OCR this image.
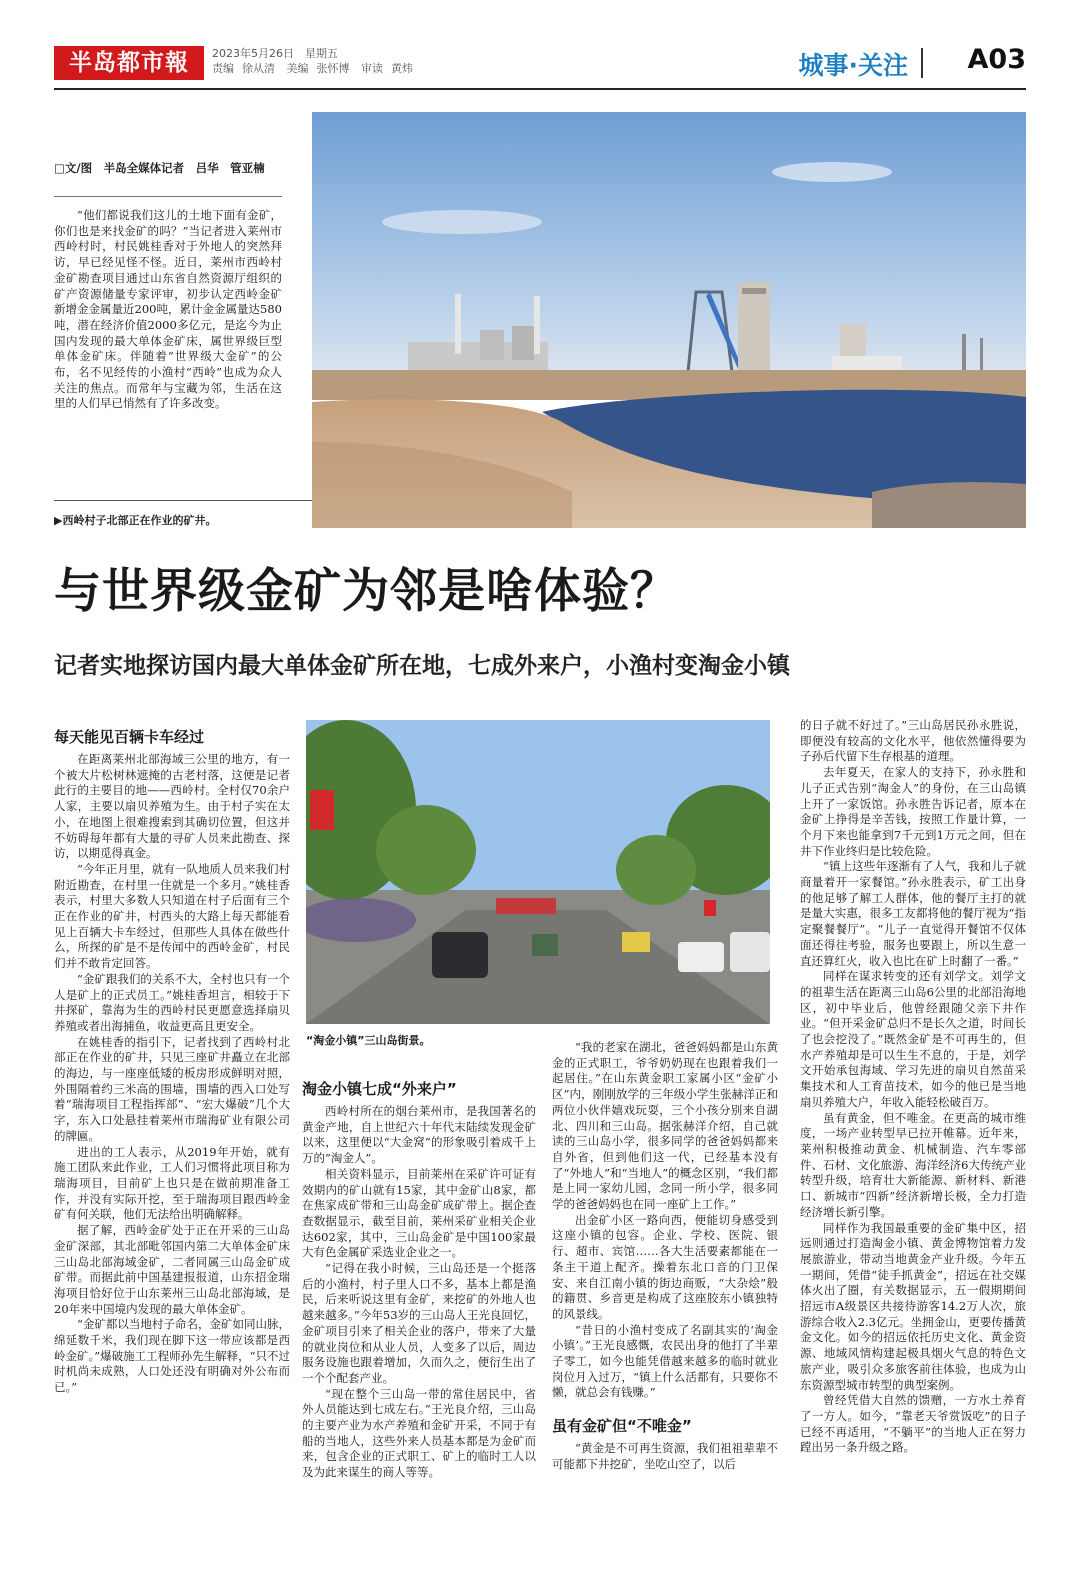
半岛都市報	2023年5月26日　 星期五
责编 徐从清 美编 张怀博 审读 黄炜	城事·关注 A03
□文/图　半岛全媒体记者　吕华　管亚楠
“他们都说我们这儿的土地下面有金矿，你们也是来找金矿的吗？”当记者进入莱州市西岭村时，村民姚桂香对于外地人的突然拜访，早已经见怪不怪。近日，莱州市西岭村金矿勘查项目通过山东省自然资源厅组织的矿产资源储量专家评审，初步认定西岭金矿新增金金属量近200吨，累计金金属量达580吨，潜在经济价值2000多亿元，是迄今为止国内发现的最大单体金矿床，属世界级巨型单体金矿床。伴随着“世界级大金矿”的公布，名不见经传的小渔村“西岭”也成为众人关注的焦点。而常年与宝藏为邻，生活在这里的人们早已悄然有了许多改变。
▶西岭村子北部正在作业的矿井。
与世界级金矿为邻是啥体验？
记者实地探访国内最大单体金矿所在地，七成外来户，小渔村变淘金小镇
每天能见百辆卡车经过

在距离莱州北部海域三公里的地方，有一个被大片松树林遮掩的古老村落，这便是记者此行的主要目的地——西岭村。全村仅70余户人家，主要以扇贝养殖为生。由于村子实在太小，在地图上很难搜索到其确切位置，但这并不妨碍每年都有大量的寻矿人员来此勘查、探访，以期觅得真金。

“今年正月里，就有一队地质人员来我们村附近勘查，在村里一住就是一个多月。”姚桂香表示，村里大多数人只知道在村子后面有三个正在作业的矿井，村西头的大路上每天都能看见上百辆大卡车经过，但那些人具体在做些什么，所探的矿是不是传闻中的西岭金矿，村民们并不敢肯定回答。

“金矿跟我们的关系不大，全村也只有一个人是矿上的正式员工。”姚桂香坦言，相较于下井探矿，靠海为生的西岭村民更愿意选择扇贝养殖或者出海捕鱼，收益更高且更安全。

在姚桂香的指引下，记者找到了西岭村北部正在作业的矿井，只见三座矿井矗立在北部的海边，与一座座低矮的板房形成鲜明对照，外围隔着约三米高的围墙，围墙的西入口处写着“瑞海项目工程指挥部”、“宏大爆破”几个大字，东入口处悬挂着莱州市瑞海矿业有限公司的牌匾。

进出的工人表示，从2019年开始，就有施工团队来此作业，工人们习惯将此项目称为瑞海项目，目前矿上也只是在做前期准备工作，并没有实际开挖，至于瑞海项目跟西岭金矿有何关联，他们无法给出明确解释。

据了解，西岭金矿处于正在开采的三山岛金矿深部，其北部毗邻国内第二大单体金矿床三山岛北部海域金矿，二者同属三山岛金矿成矿带。而据此前中国基建报报道，山东招金瑞海项目恰好位于山东莱州三山岛北部海域，是20年来中国境内发现的最大单体金矿。

“金矿都以当地村子命名，金矿如同山脉，绵延数千米，我们现在脚下这一带应该都是西岭金矿。”爆破施工工程师孙先生解释，“只不过时机尚未成熟，人口处还没有明确对外公布而已。”

“淘金小镇”三山岛街景。
淘金小镇七成“外来户”

西岭村所在的烟台莱州市，是我国著名的黄金产地，自上世纪六十年代末陆续发现金矿以来，这里便以“大金窝”的形象吸引着成千上万的“淘金人”。

相关资料显示，目前莱州在采矿许可证有效期内的矿山就有15家，其中金矿山8家，都在焦家成矿带和三山岛金矿成矿带上。据企查查数据显示，截至目前，莱州采矿业相关企业达602家，其中，三山岛金矿是中国100家最大有色金属矿采选业企业之一。

“记得在我小时候，三山岛还是一个挺落后的小渔村，村子里人口不多，基本上都是渔民，后来听说这里有金矿，来挖矿的外地人也越来越多。”今年53岁的三山岛人王光良回忆，金矿项目引来了相关企业的落户，带来了大量的就业岗位和从业人员，人变多了以后，周边服务设施也跟着增加，久而久之，便衍生出了一个个配套产业。

“现在整个三山岛一带的常住居民中，省外人员能达到七成左右。”王光良介绍，三山岛的主要产业为水产养殖和金矿开采，不同于有船的当地人，这些外来人员基本都是为金矿而来，包含企业的正式职工、矿上的临时工人以及为此来谋生的商人等等。

“我的老家在湖北，爸爸妈妈都是山东黄金的正式职工，爷爷奶奶现在也跟着我们一起居住。”在山东黄金职工家属小区“金矿小区”内，刚刚放学的三年级小学生张赫洋正和两位小伙伴嬉戏玩耍，三个小孩分别来自湖北、四川和三山岛。据张赫洋介绍，自己就读的三山岛小学，很多同学的爸爸妈妈都来自外省，但到他们这一代，已经基本没有了“外地人”和“当地人”的概念区别，“我们都是上同一家幼儿园，念同一所小学，很多同学的爸爸妈妈也在同一座矿上工作。”

出金矿小区一路向西，便能切身感受到这座小镇的包容。企业、学校、医院、银行、超市、宾馆……各大生活要素都能在一条主干道上配齐。操着东北口音的门卫保安、来自江南小镇的街边商贩，“大杂烩”般的籍贯、乡音更是构成了这座胶东小镇独特的风景线。

“昔日的小渔村变成了名副其实的‘淘金小镇’。”王光良感慨，农民出身的他打了半辈子零工，如今也能凭借越来越多的临时就业岗位月入过万，“镇上什么活都有，只要你不懒，就总会有钱赚。”

虽有金矿但“不唯金”

“黄金是不可再生资源，我们祖祖辈辈不可能都下井挖矿，坐吃山空了，以后

的日子就不好过了。”三山岛居民孙永胜说，即便没有较高的文化水平，他依然懂得要为子孙后代留下生存根基的道理。

去年夏天，在家人的支持下，孙永胜和儿子正式告别“淘金人”的身份，在三山岛镇上开了一家饭馆。孙永胜告诉记者，原本在金矿上挣得是辛苦钱，按照工作量计算，一个月下来也能拿到7千元到1万元之间，但在井下作业终归是比较危险。

“镇上这些年逐渐有了人气，我和儿子就商量着开一家餐馆。”孙永胜表示，矿工出身的他足够了解工人群体，他的餐厅主打的就是量大实惠，很多工友都将他的餐厅视为“指定聚餐餐厅”。“儿子一直觉得开餐馆不仅体面还得往考验，服务也要跟上，所以生意一直还算红火，收入也比在矿上时翻了一番。”

同样在谋求转变的还有刘学文。刘学文的祖辈生活在距离三山岛6公里的北部沿海地区，初中毕业后，他曾经跟随父亲下井作业。“但开采金矿总归不是长久之道，时间长了也会挖没了。”既然金矿是不可再生的，但水产养殖却是可以生生不息的，于是，刘学文开始承包海域、学习先进的扇贝自然苗采集技术和人工育苗技术，如今的他已是当地扇贝养殖大户，年收入能轻松破百万。

虽有黄金，但不唯金。在更高的城市维度，一场产业转型早已拉开帷幕。近年来，莱州积极推动黄金、机械制造、汽车零部件、石材、文化旅游、海洋经济6大传统产业转型升级，培育壮大新能源、新材料、新港口、新城市“四新”经济新增长极，全力打造经济增长新引擎。

同样作为我国最重要的金矿集中区，招远则通过打造淘金小镇、黄金博物馆着力发展旅游业，带动当地黄金产业升级。今年五一期间，凭借“徒手抓黄金”，招远在社交媒体火出了圈，有关数据显示，五一假期期间招远市A级景区共接待游客14.2万人次，旅游综合收入2.3亿元。坐拥金山，更要传播黄金文化。如今的招远依托历史文化、黄金资源、地域风情构建起极具烟火气息的特色文旅产业，吸引众多旅客前往体验，也成为山东资源型城市转型的典型案例。

曾经凭借大自然的馈赠，一方水土养育了一方人。如今，“靠老天爷赏饭吃”的日子已经不再适用，“不躺平”的当地人正在努力蹚出另一条升级之路。
